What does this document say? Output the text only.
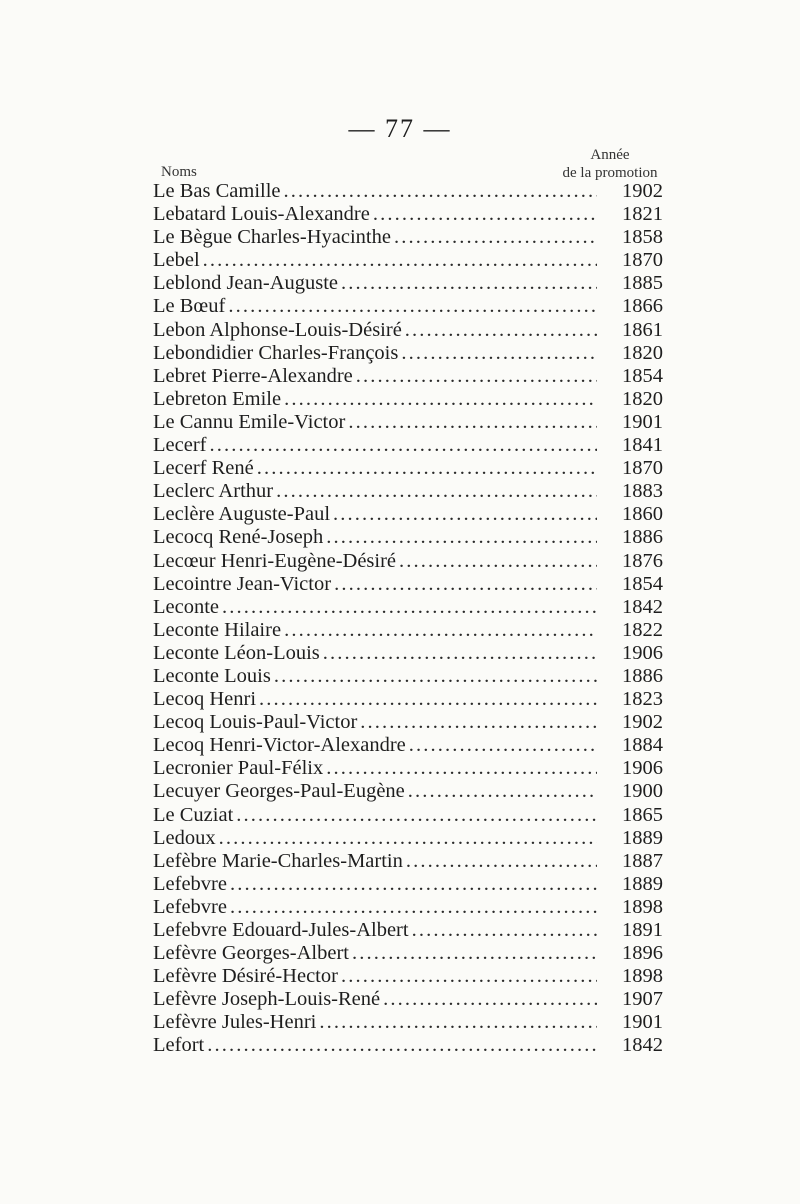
— 77 —
Noms
Année
de la promotion
Le Bas Camille . . .	1902
Lebatard Louis-Alexandre . . .	1821
Le Bègue Charles-Hyacinthe . . .	1858
Lebel . . .	1870
Leblond Jean-Auguste . . .	1885
Le Bœuf . . .	1866
Lebon Alphonse-Louis-Désiré . . .	1861
Lebondidier Charles-François . . .	1820
Lebret Pierre-Alexandre . . .	1854
Lebreton Emile . . .	1820
Le Cannu Emile-Victor . . .	1901
Lecerf . . .	1841
Lecerf René . . .	1870
Leclerc Arthur . . .	1883
Leclère Auguste-Paul . . .	1860
Lecocq René-Joseph . . .	1886
Lecœur Henri-Eugène-Désiré . . .	1876
Lecointre Jean-Victor . . .	1854
Leconte . . .	1842
Leconte Hilaire . . .	1822
Leconte Léon-Louis . . .	1906
Leconte Louis . . .	1886
Lecoq Henri . . .	1823
Lecoq Louis-Paul-Victor . . .	1902
Lecoq Henri-Victor-Alexandre . . .	1884
Lecronier Paul-Félix . . .	1906
Lecuyer Georges-Paul-Eugène . . .	1900
Le Cuziat . . .	1865
Ledoux . . .	1889
Lefèbre Marie-Charles-Martin . . .	1887
Lefebvre . . .	1889
Lefebvre . . .	1898
Lefebvre Edouard-Jules-Albert . . .	1891
Lefèvre Georges-Albert . . .	1896
Lefèvre Désiré-Hector . . .	1898
Lefèvre Joseph-Louis-René . . .	1907
Lefèvre Jules-Henri . . .	1901
Lefort . . .	1842
